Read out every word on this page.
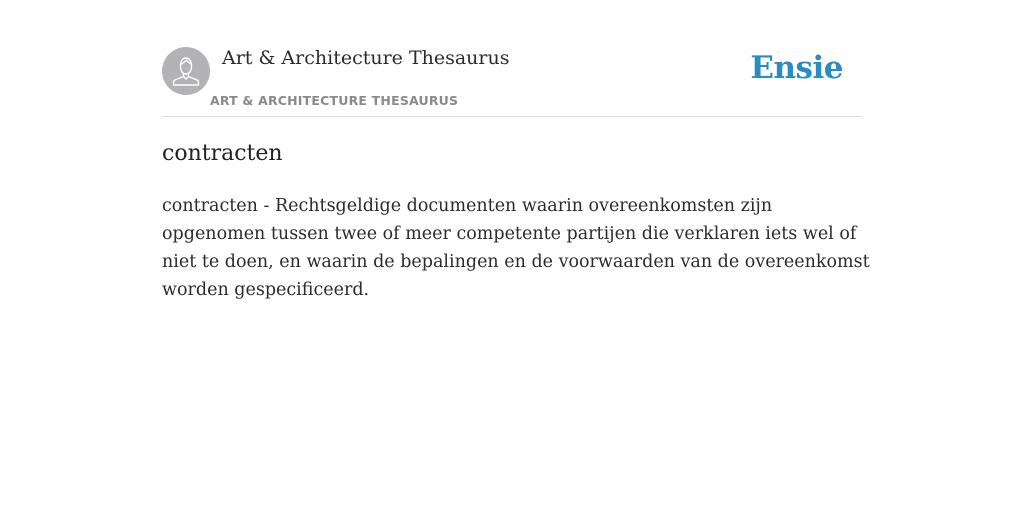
Art & Architecture Thesaurus
ART & ARCHITECTURE THESAURUS
Ensie
contracten

contracten - Rechtsgeldige documenten waarin overeenkomsten zijn opgenomen tussen twee of meer competente partijen die verklaren iets wel of niet te doen, en waarin de bepalingen en de voorwaarden van de overeenkomst worden gespecificeerd.
